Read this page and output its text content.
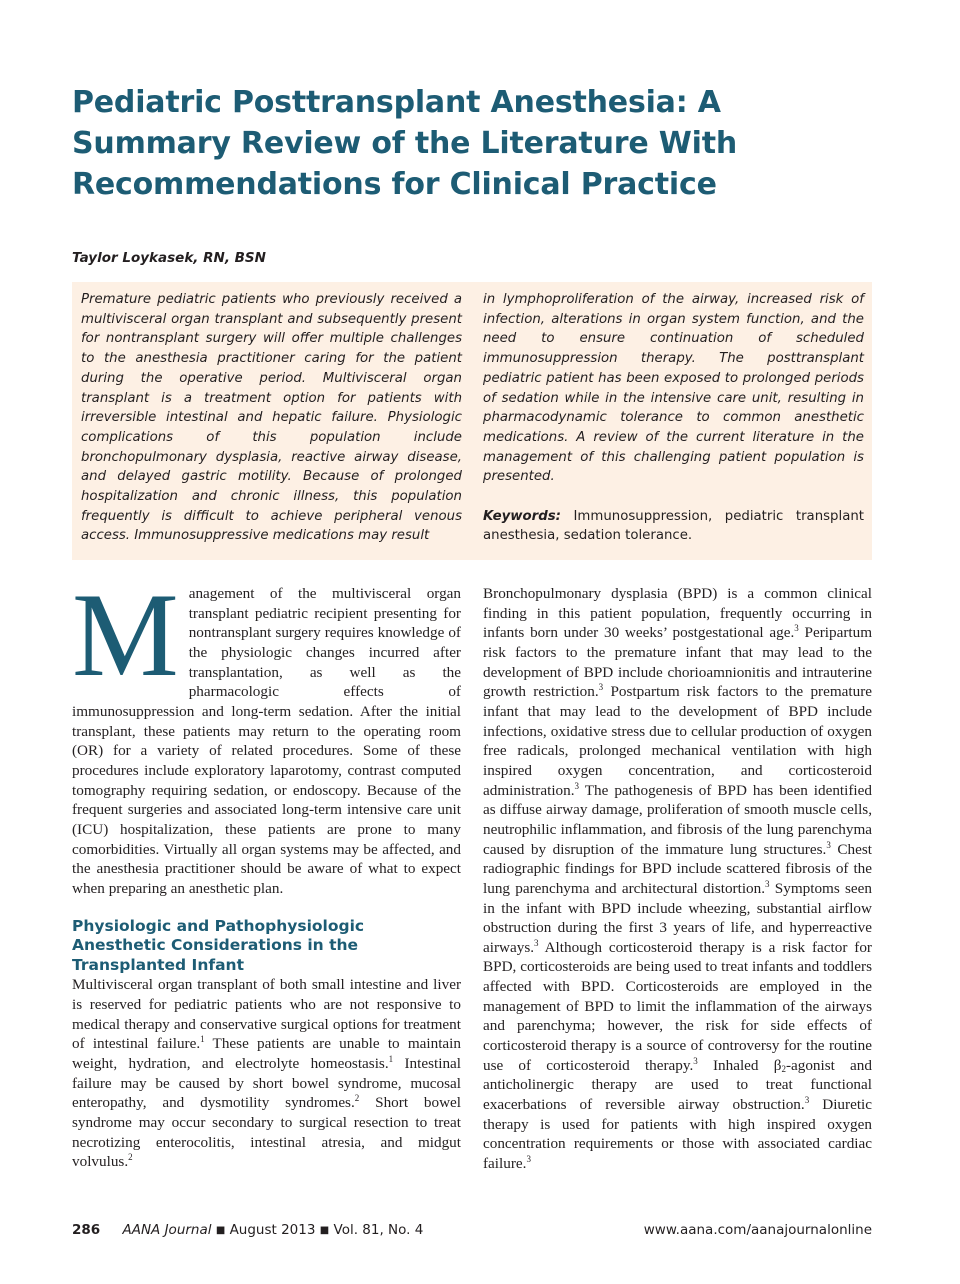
Pediatric Posttransplant Anesthesia: A Summary Review of the Literature With Recommendations for Clinical Practice
Taylor Loykasek, RN, BSN

Premature pediatric patients who previously received a multivisceral organ transplant and subsequently present for nontransplant surgery will offer multiple challenges to the anesthesia practitioner caring for the patient during the operative period. Multivisceral organ transplant is a treatment option for patients with irreversible intestinal and hepatic failure. Physiologic complications of this population include bronchopulmonary dysplasia, reactive airway disease, and delayed gastric motility. Because of prolonged hospitalization and chronic illness, this population frequently is difficult to achieve peripheral venous access. Immunosuppressive medications may result

in lymphoproliferation of the airway, increased risk of infection, alterations in organ system function, and the need to ensure continuation of scheduled immunosuppression therapy. The posttransplant pediatric patient has been exposed to prolonged periods of sedation while in the intensive care unit, resulting in pharmacodynamic tolerance to common anesthetic medications. A review of the current literature in the management of this challenging patient population is presented.

Keywords: Immunosuppression, pediatric transplant anesthesia, sedation tolerance.

Management of the multivisceral organ transplant pediatric recipient presenting for nontransplant surgery requires knowledge of the physiologic changes incurred after transplantation, as well as the pharmacologic effects of immunosuppression and long-term sedation. After the initial transplant, these patients may return to the operating room (OR) for a variety of related procedures. Some of these procedures include exploratory laparotomy, contrast computed tomography requiring sedation, or endoscopy. Because of the frequent surgeries and associated long-term intensive care unit (ICU) hospitalization, these patients are prone to many comorbidities. Virtually all organ systems may be affected, and the anesthesia practitioner should be aware of what to expect when preparing an anesthetic plan.

Physiologic and Pathophysiologic Anesthetic Considerations in the Transplanted Infant

Multivisceral organ transplant of both small intestine and liver is reserved for pediatric patients who are not responsive to medical therapy and conservative surgical options for treatment of intestinal failure.$^1$ These patients are unable to maintain weight, hydration, and electrolyte homeostasis.$^1$ Intestinal failure may be caused by short bowel syndrome, mucosal enteropathy, and dysmotility syndromes.$^2$ Short bowel syndrome may occur secondary to surgical resection to treat necrotizing enterocolitis, intestinal atresia, and midgut volvulus.$^2$

Bronchopulmonary dysplasia (BPD) is a common clinical finding in this patient population, frequently occurring in infants born under 30 weeks’ postgestational age.$^3$ Peripartum risk factors to the premature infant that may lead to the development of BPD include chorioamnionitis and intrauterine growth restriction.$^3$ Postpartum risk factors to the premature infant that may lead to the development of BPD include infections, oxidative stress due to cellular production of oxygen free radicals, prolonged mechanical ventilation with high inspired oxygen concentration, and corticosteroid administration.$^3$ The pathogenesis of BPD has been identified as diffuse airway damage, proliferation of smooth muscle cells, neutrophilic inflammation, and fibrosis of the lung parenchyma caused by disruption of the immature lung structures.$^3$ Chest radiographic findings for BPD include scattered fibrosis of the lung parenchyma and architectural distortion.$^3$ Symptoms seen in the infant with BPD include wheezing, substantial airflow obstruction during the first 3 years of life, and hyperreactive airways.$^3$ Although corticosteroid therapy is a risk factor for BPD, corticosteroids are being used to treat infants and toddlers affected with BPD. Corticosteroids are employed in the management of BPD to limit the inflammation of the airways and parenchyma; however, the risk for side effects of corticosteroid therapy is a source of controversy for the routine use of corticosteroid therapy.$^3$ Inhaled $\beta_2$-agonist and anticholinergic therapy are used to treat functional exacerbations of reversible airway obstruction.$^3$ Diuretic therapy is used for patients with high inspired oxygen concentration requirements or those with associated cardiac failure.$^3$

286 AANA Journal ■ August 2013 ■ Vol. 81, No. 4	www.aana.com/aanajournalonline
